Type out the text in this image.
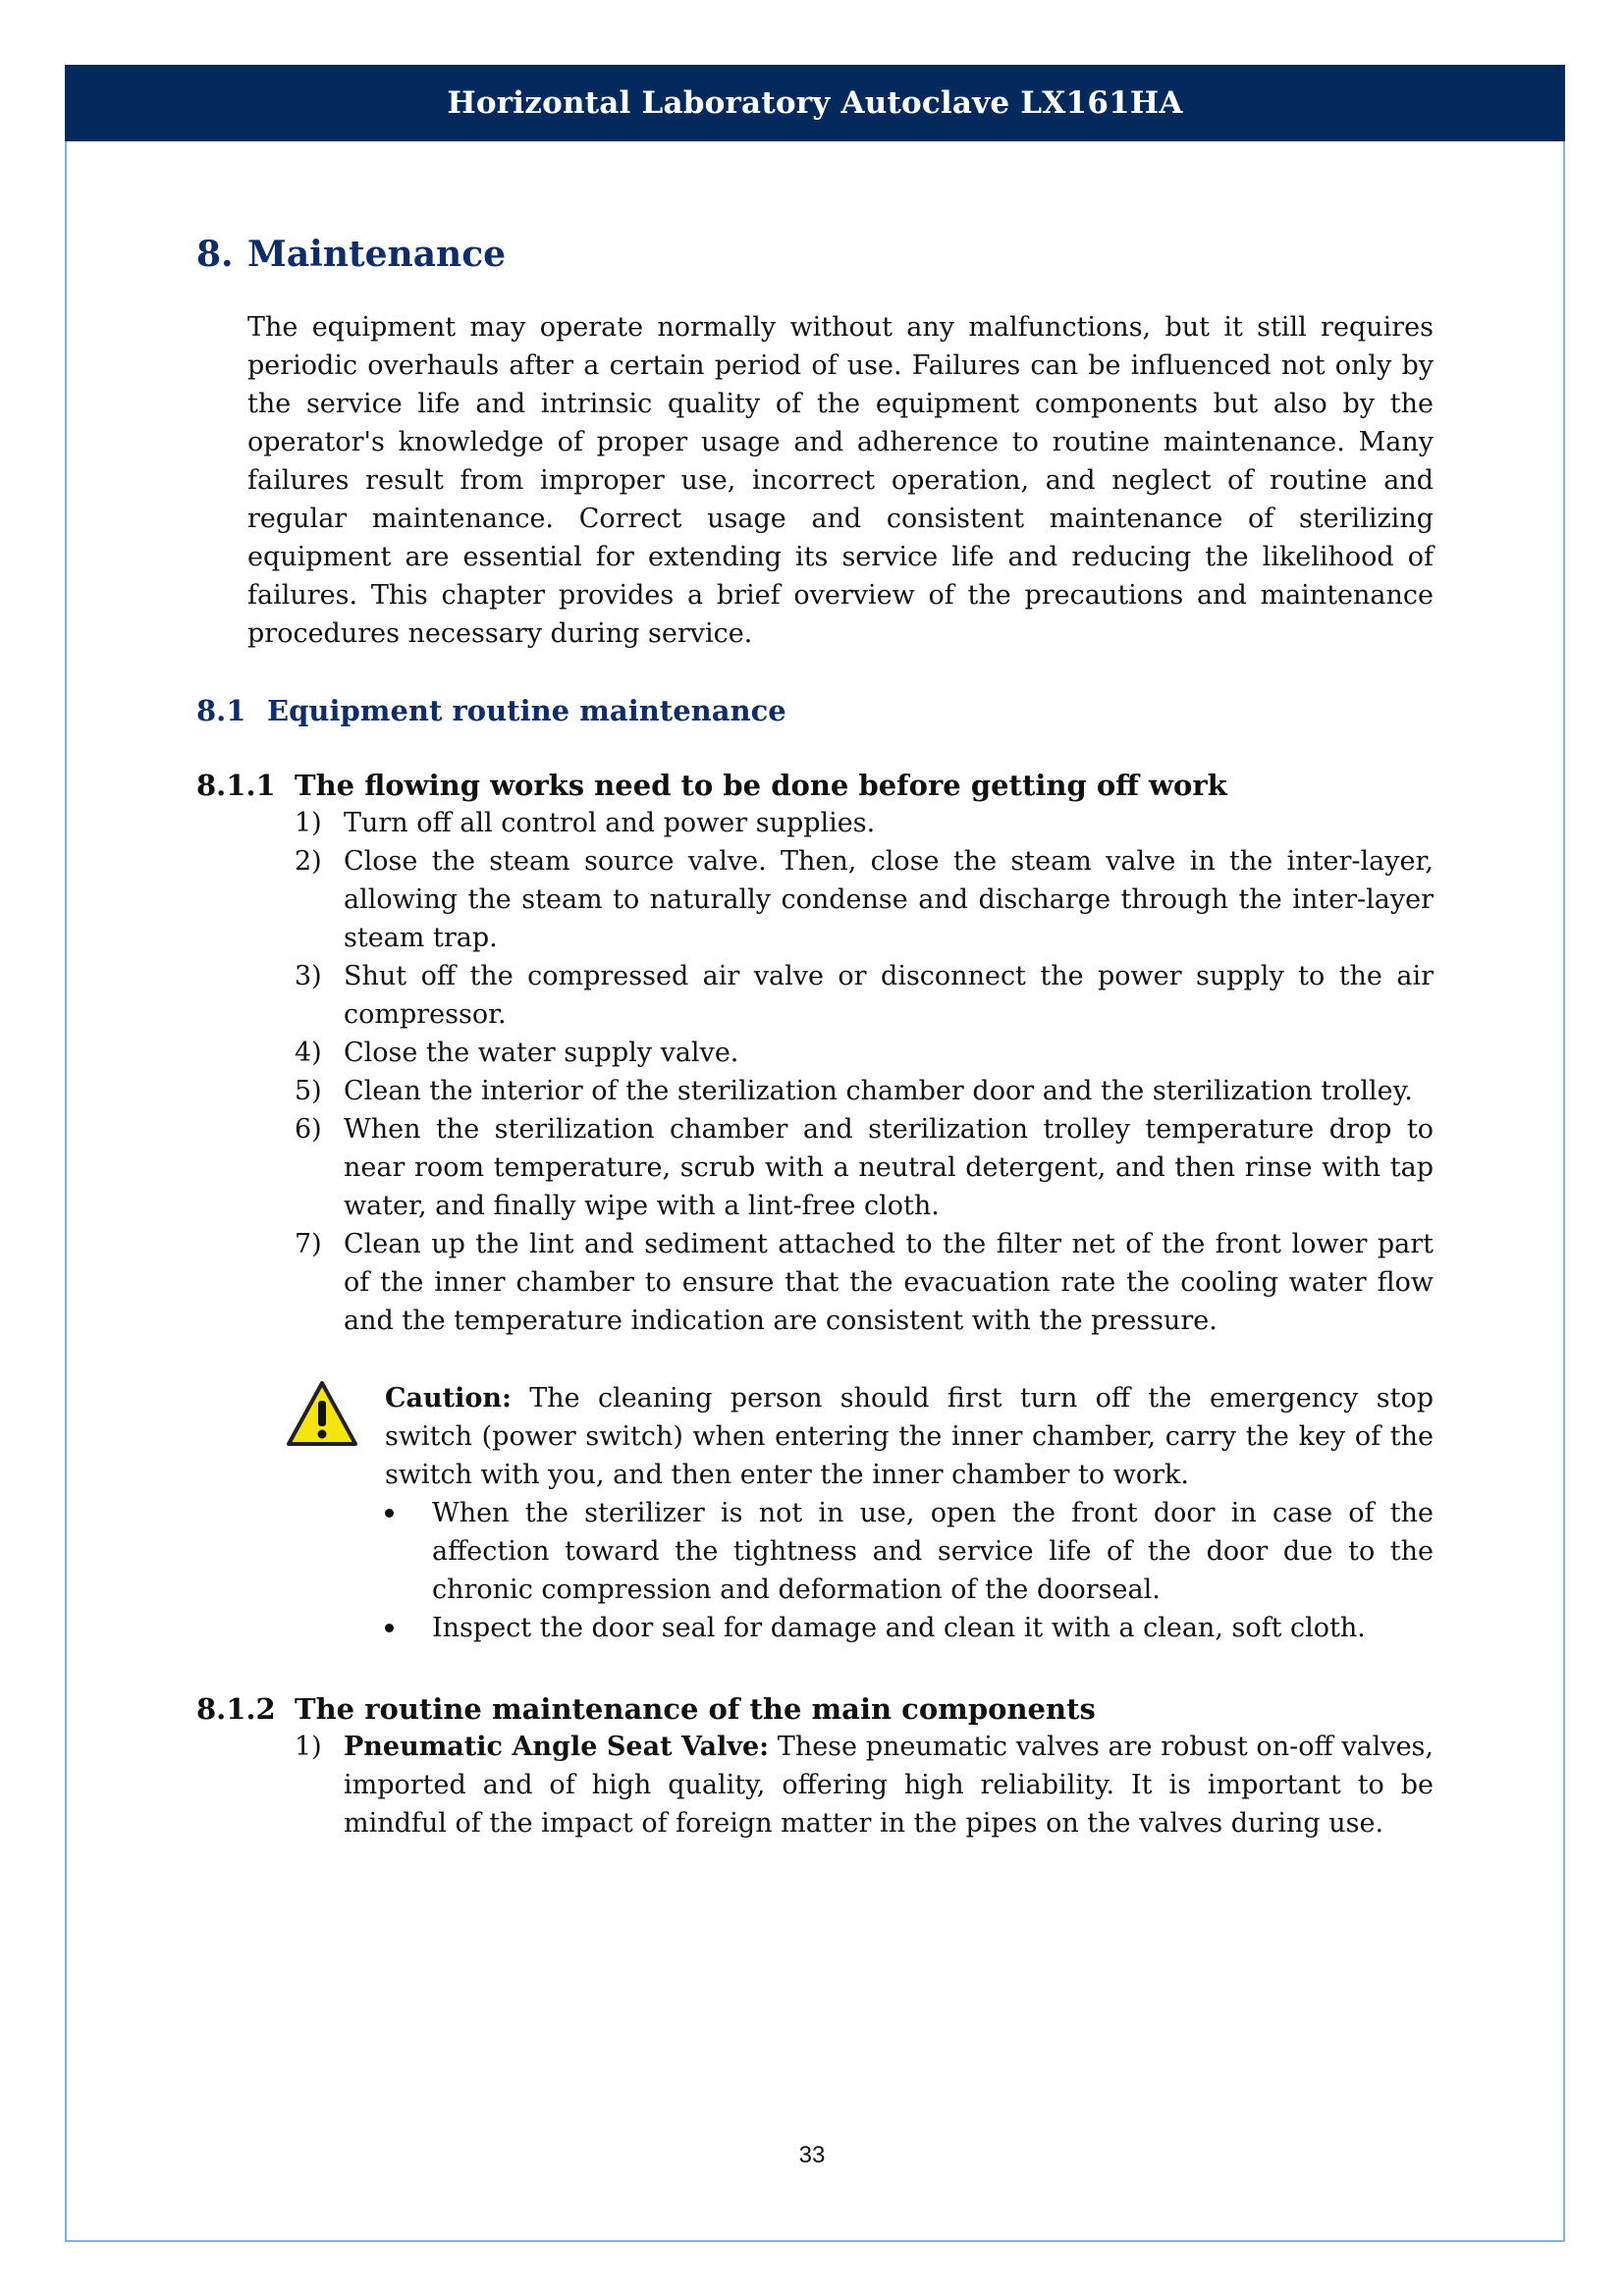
Horizontal Laboratory Autoclave LX161HA
8. Maintenance

The equipment may operate normally without any malfunctions, but it still requires periodic overhauls after a certain period of use. Failures can be influenced not only by the service life and intrinsic quality of the equipment components but also by the operator's knowledge of proper usage and adherence to routine maintenance. Many failures result from improper use, incorrect operation, and neglect of routine and regular maintenance. Correct usage and consistent maintenance of sterilizing equipment are essential for extending its service life and reducing the likelihood of failures. This chapter provides a brief overview of the precautions and maintenance procedures necessary during service.

8.1 Equipment routine maintenance
8.1.1 The flowing works need to be done before getting off work
1) Turn off all control and power supplies.
2) Close the steam source valve. Then, close the steam valve in the inter-layer, allowing the steam to naturally condense and discharge through the inter-layer steam trap.
3) Shut off the compressed air valve or disconnect the power supply to the air compressor.
4) Close the water supply valve.
5) Clean the interior of the sterilization chamber door and the sterilization trolley.
6) When the sterilization chamber and sterilization trolley temperature drop to near room temperature, scrub with a neutral detergent, and then rinse with tap water, and finally wipe with a lint-free cloth.
7) Clean up the lint and sediment attached to the filter net of the front lower part of the inner chamber to ensure that the evacuation rate the cooling water flow and the temperature indication are consistent with the pressure.
Caution: The cleaning person should first turn off the emergency stop switch (power switch) when entering the inner chamber, carry the key of the switch with you, and then enter the inner chamber to work.
When the sterilizer is not in use, open the front door in case of the affection toward the tightness and service life of the door due to the chronic compression and deformation of the doorseal.
Inspect the door seal for damage and clean it with a clean, soft cloth.
8.1.2 The routine maintenance of the main components
1) Pneumatic Angle Seat Valve: These pneumatic valves are robust on-off valves, imported and of high quality, offering high reliability. It is important to be mindful of the impact of foreign matter in the pipes on the valves during use.
33
